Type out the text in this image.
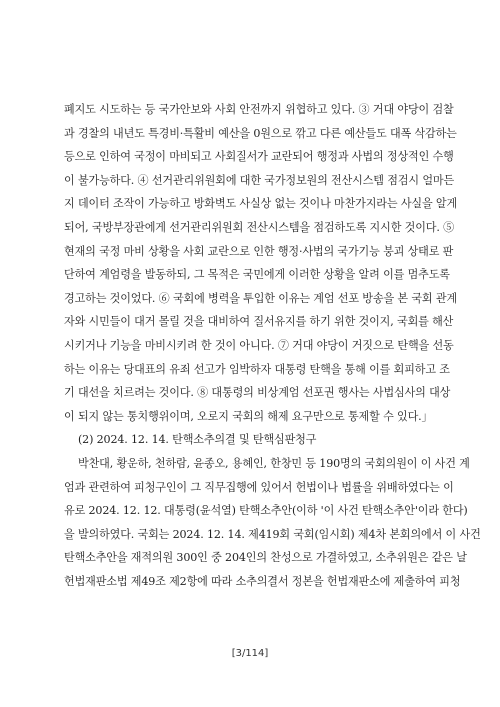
폐지도 시도하는 등 국가안보와 사회 안전까지 위협하고 있다. ③ 거대 야당이 검찰
과 경찰의 내년도 특경비·특활비 예산을 0원으로 깎고 다른 예산들도 대폭 삭감하는
등으로 인하여 국정이 마비되고 사회질서가 교란되어 행정과 사법의 정상적인 수행
이 불가능하다. ④ 선거관리위원회에 대한 국가정보원의 전산시스템 점검시 얼마든
지 데이터 조작이 가능하고 방화벽도 사실상 없는 것이나 마찬가지라는 사실을 알게
되어, 국방부장관에게 선거관리위원회 전산시스템을 점검하도록 지시한 것이다. ⑤
현재의 국정 마비 상황을 사회 교란으로 인한 행정·사법의 국가기능 붕괴 상태로 판
단하여 계엄령을 발동하되, 그 목적은 국민에게 이러한 상황을 알려 이를 멈추도록
경고하는 것이었다. ⑥ 국회에 병력을 투입한 이유는 계엄 선포 방송을 본 국회 관계
자와 시민들이 대거 몰릴 것을 대비하여 질서유지를 하기 위한 것이지, 국회를 해산
시키거나 기능을 마비시키려 한 것이 아니다. ⑦ 거대 야당이 거짓으로 탄핵을 선동
하는 이유는 당대표의 유죄 선고가 임박하자 대통령 탄핵을 통해 이를 회피하고 조
기 대선을 치르려는 것이다. ⑧ 대통령의 비상계엄 선포권 행사는 사법심사의 대상
이 되지 않는 통치행위이며, 오로지 국회의 해제 요구만으로 통제할 수 있다.」
(2) 2024. 12. 14. 탄핵소추의결 및 탄핵심판청구
박찬대, 황운하, 천하람, 윤종오, 용혜인, 한창민 등 190명의 국회의원이 이 사건 계
엄과 관련하여 피청구인이 그 직무집행에 있어서 헌법이나 법률을 위배하였다는 이
유로 2024. 12. 12. 대통령(윤석열) 탄핵소추안(이하 '이 사건 탄핵소추안'이라 한다)
을 발의하였다. 국회는 2024. 12. 14. 제419회 국회(임시회) 제4차 본회의에서 이 사건
탄핵소추안을 재적의원 300인 중 204인의 찬성으로 가결하였고, 소추위원은 같은 날
헌법재판소법 제49조 제2항에 따라 소추의결서 정본을 헌법재판소에 제출하여 피청
[3/114]
